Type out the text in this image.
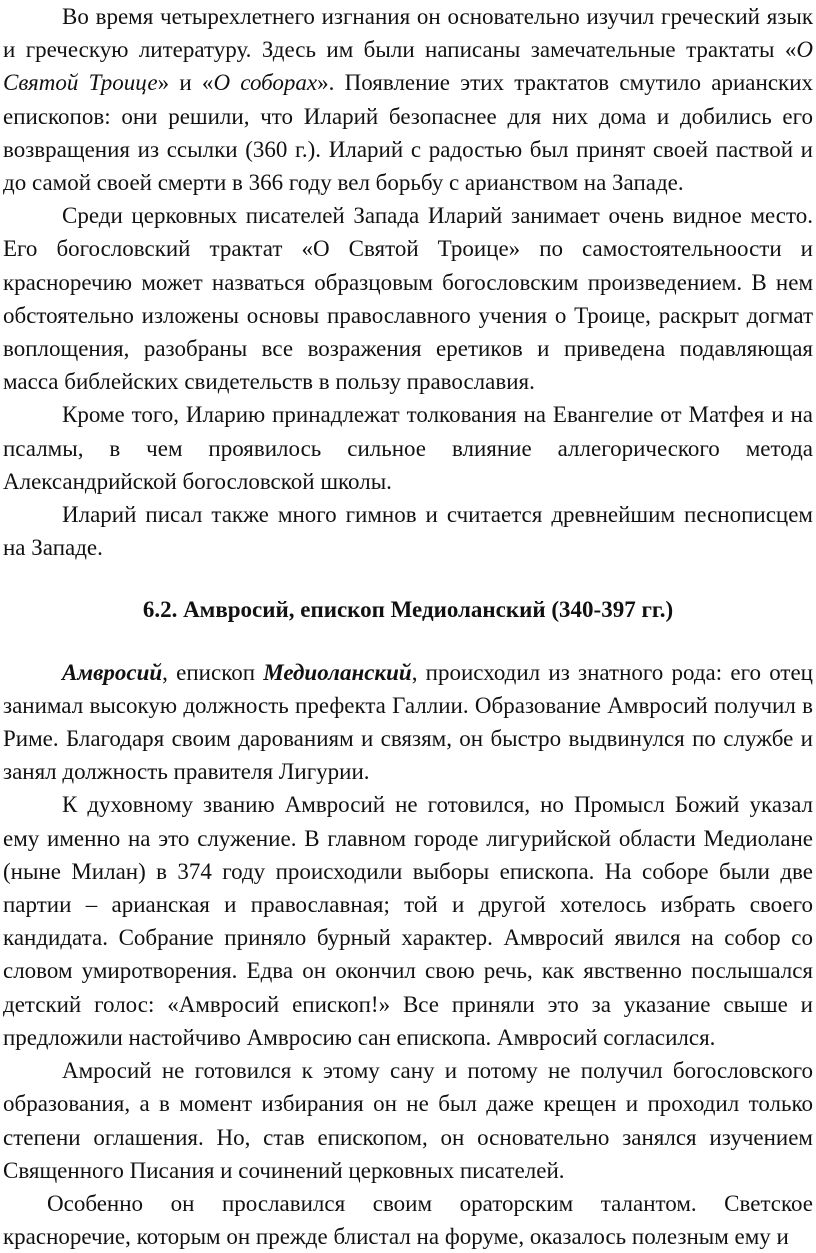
Во время четырехлетнего изгнания он основательно изучил греческий язык и греческую литературу. Здесь им были написаны замечательные трактаты «О Святой Троице» и «О соборах». Появление этих трактатов смутило арианских епископов: они решили, что Иларий безопаснее для них дома и добились его возвращения из ссылки (360 г.). Иларий с радостью был принят своей паствой и до самой своей смерти в 366 году вел борьбу с арианством на Западе.

Среди церковных писателей Запада Иларий занимает очень видное место. Его богословский трактат «О Святой Троице» по самостоятельноости и красноречию может назваться образцовым богословским произведением. В нем обстоятельно изложены основы православного учения о Троице, раскрыт догмат воплощения, разобраны все возражения еретиков и приведена подавляющая масса библейских свидетельств в пользу православия.

Кроме того, Иларию принадлежат толкования на Евангелие от Матфея и на псалмы, в чем проявилось сильное влияние аллегорического метода Александрийской богословской школы.

Иларий писал также много гимнов и считается древнейшим песнописцем на Западе.

6.2. Амвросий, епископ Медиоланский (340-397 гг.)

Амвросий, епископ Медиоланский, происходил из знатного рода: его отец занимал высокую должность префекта Галлии. Образование Амвросий получил в Риме. Благодаря своим дарованиям и связям, он быстро выдвинулся по службе и занял должность правителя Лигурии.

К духовному званию Амвросий не готовился, но Промысл Божий указал ему именно на это служение. В главном городе лигурийской области Медиолане (ныне Милан) в 374 году происходили выборы епископа. На соборе были две партии – арианская и православная; той и другой хотелось избрать своего кандидата. Собрание приняло бурный характер. Амвросий явился на собор со словом умиротворения. Едва он окончил свою речь, как явственно послышался детский голос: «Амвросий епископ!» Все приняли это за указание свыше и предложили настойчиво Амвросию сан епископа. Амвросий согласился.

Амросий не готовился к этому сану и потому не получил богословского образования, а в момент избирания он не был даже крещен и проходил только степени оглашения. Но, став епископом, он основательно занялся изучением Священного Писания и сочинений церковных писателей.

Особенно он прославился своим ораторским талантом. Светское красноречие, которым он прежде блистал на форуме, оказалось полезным ему и
